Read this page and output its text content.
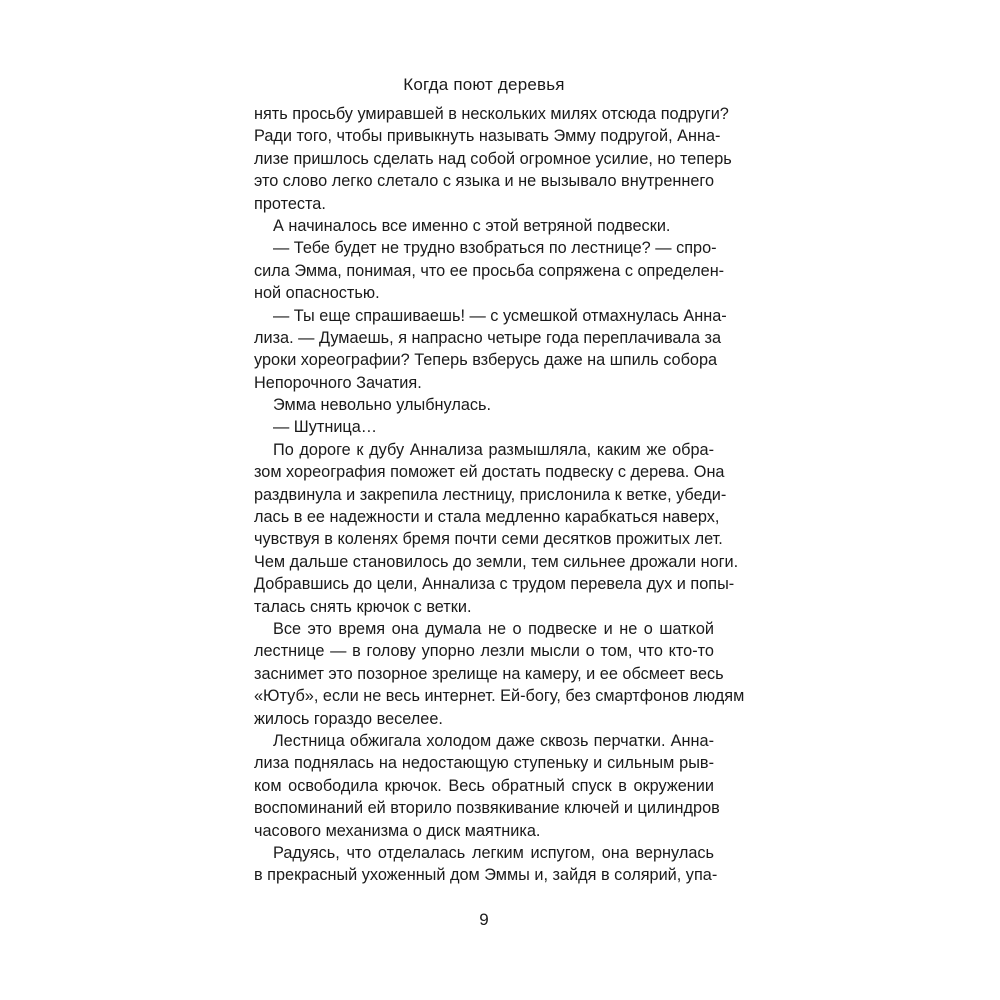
Когда поют деревья
нять просьбу умиравшей в нескольких милях отсюда подруги?
Ради того, чтобы привыкнуть называть Эмму подругой, Анна-
лизе пришлось сделать над собой огромное усилие, но теперь
это слово легко слетало с языка и не вызывало внутреннего
протеста.
А начиналось все именно с этой ветряной подвески.
— Тебе будет не трудно взобраться по лестнице? — спро-
сила Эмма, понимая, что ее просьба сопряжена с определен-
ной опасностью.
— Ты еще спрашиваешь! — с усмешкой отмахнулась Анна-
лиза. — Думаешь, я напрасно четыре года переплачивала за
уроки хореографии? Теперь взберусь даже на шпиль собора
Непорочного Зачатия.
Эмма невольно улыбнулась.
— Шутница…
По дороге к дубу Аннализа размышляла, каким же обра-
зом хореография поможет ей достать подвеску с дерева. Она
раздвинула и закрепила лестницу, прислонила к ветке, убеди-
лась в ее надежности и стала медленно карабкаться наверх,
чувствуя в коленях бремя почти семи десятков прожитых лет.
Чем дальше становилось до земли, тем сильнее дрожали ноги.
Добравшись до цели, Аннализа с трудом перевела дух и попы-
талась снять крючок с ветки.
Все это время она думала не о подвеске и не о шаткой
лестнице — в голову упорно лезли мысли о том, что кто-то
заснимет это позорное зрелище на камеру, и ее обсмеет весь
«Ютуб», если не весь интернет. Ей-богу, без смартфонов людям
жилось гораздо веселее.
Лестница обжигала холодом даже сквозь перчатки. Анна-
лиза поднялась на недостающую ступеньку и сильным рыв-
ком освободила крючок. Весь обратный спуск в окружении
воспоминаний ей вторило позвякивание ключей и цилиндров
часового механизма о диск маятника.
Радуясь, что отделалась легким испугом, она вернулась
в прекрасный ухоженный дом Эммы и, зайдя в солярий, упа-
9
